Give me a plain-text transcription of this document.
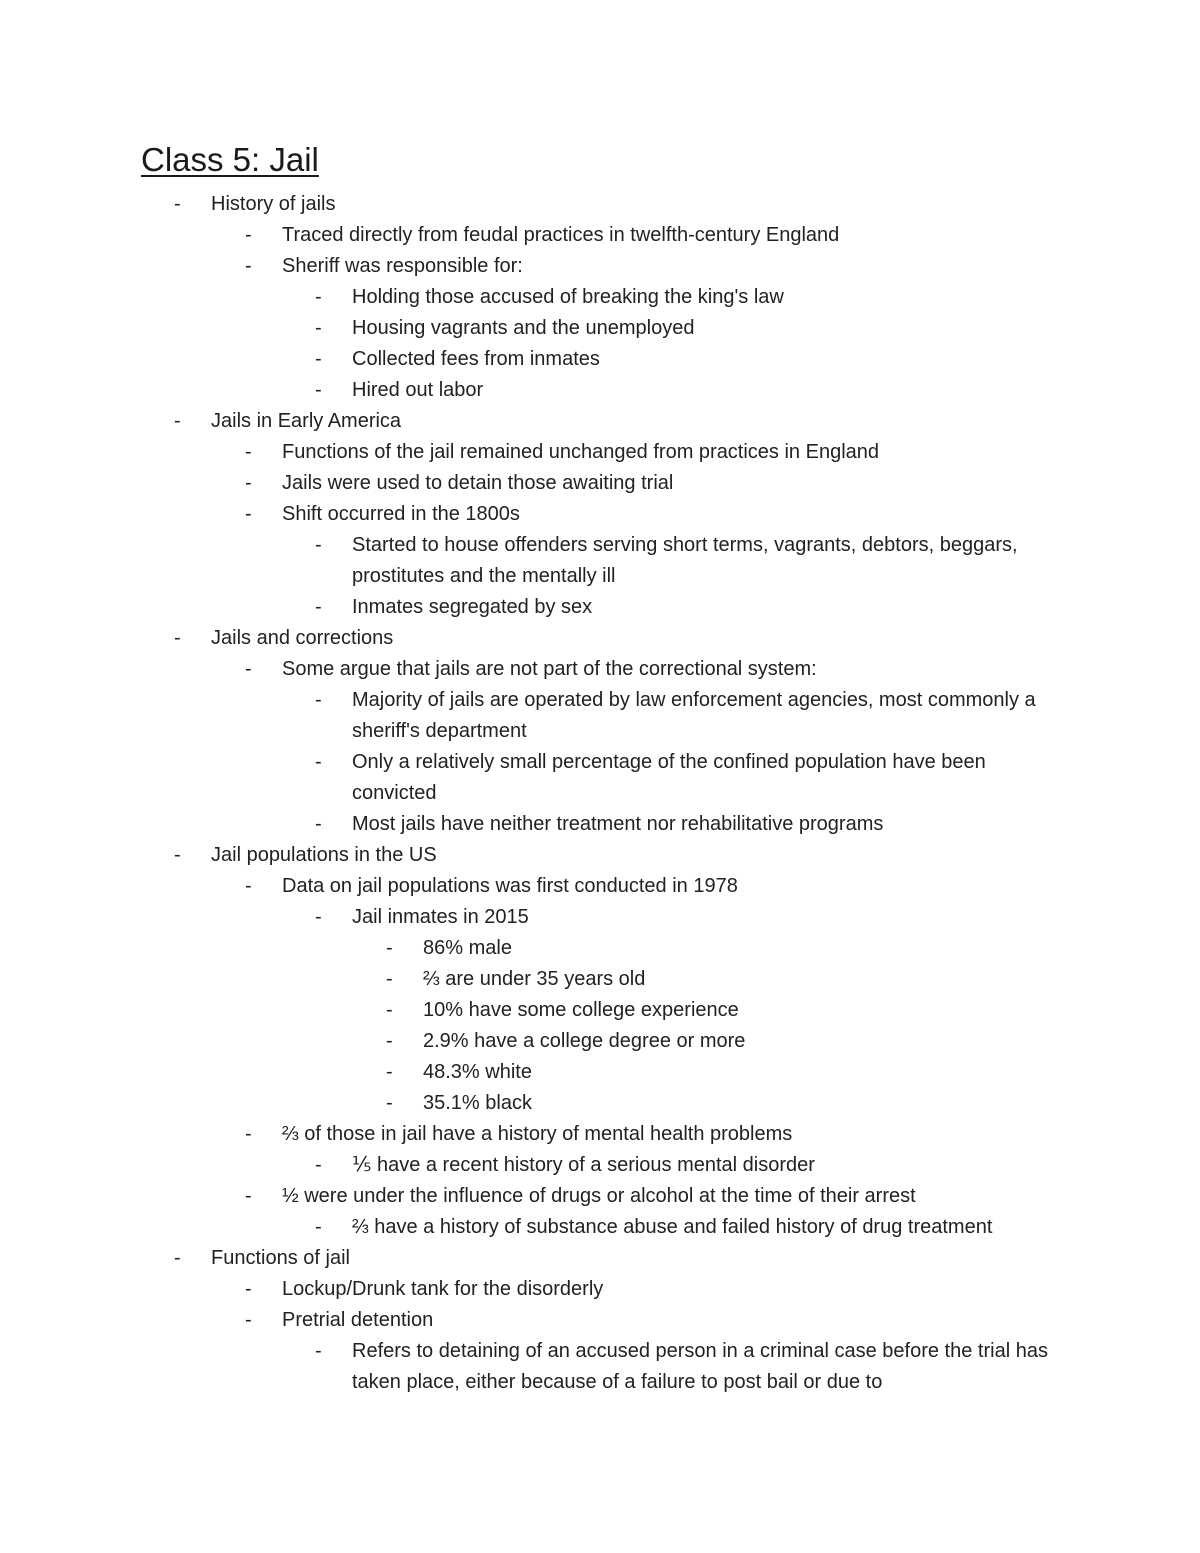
Class 5: Jail
- History of jails
- Traced directly from feudal practices in twelfth-century England
- Sheriff was responsible for:
- Holding those accused of breaking the king's law
- Housing vagrants and the unemployed
- Collected fees from inmates
- Hired out labor
- Jails in Early America
- Functions of the jail remained unchanged from practices in England
- Jails were used to detain those awaiting trial
- Shift occurred in the 1800s
- Started to house offenders serving short terms, vagrants, debtors, beggars, prostitutes and the mentally ill
- Inmates segregated by sex
- Jails and corrections
- Some argue that jails are not part of the correctional system:
- Majority of jails are operated by law enforcement agencies, most commonly a sheriff's department
- Only a relatively small percentage of the confined population have been convicted
- Most jails have neither treatment nor rehabilitative programs
- Jail populations in the US
- Data on jail populations was first conducted in 1978
- Jail inmates in 2015
- 86% male
- ⅔ are under 35 years old
- 10% have some college experience
- 2.9% have a college degree or more
- 48.3% white
- 35.1% black
- ⅔ of those in jail have a history of mental health problems
- ⅕ have a recent history of a serious mental disorder
- ½ were under the influence of drugs or alcohol at the time of their arrest
- ⅔ have a history of substance abuse and failed history of drug treatment
- Functions of jail
- Lockup/Drunk tank for the disorderly
- Pretrial detention
- Refers to detaining of an accused person in a criminal case before the trial has taken place, either because of a failure to post bail or due to
